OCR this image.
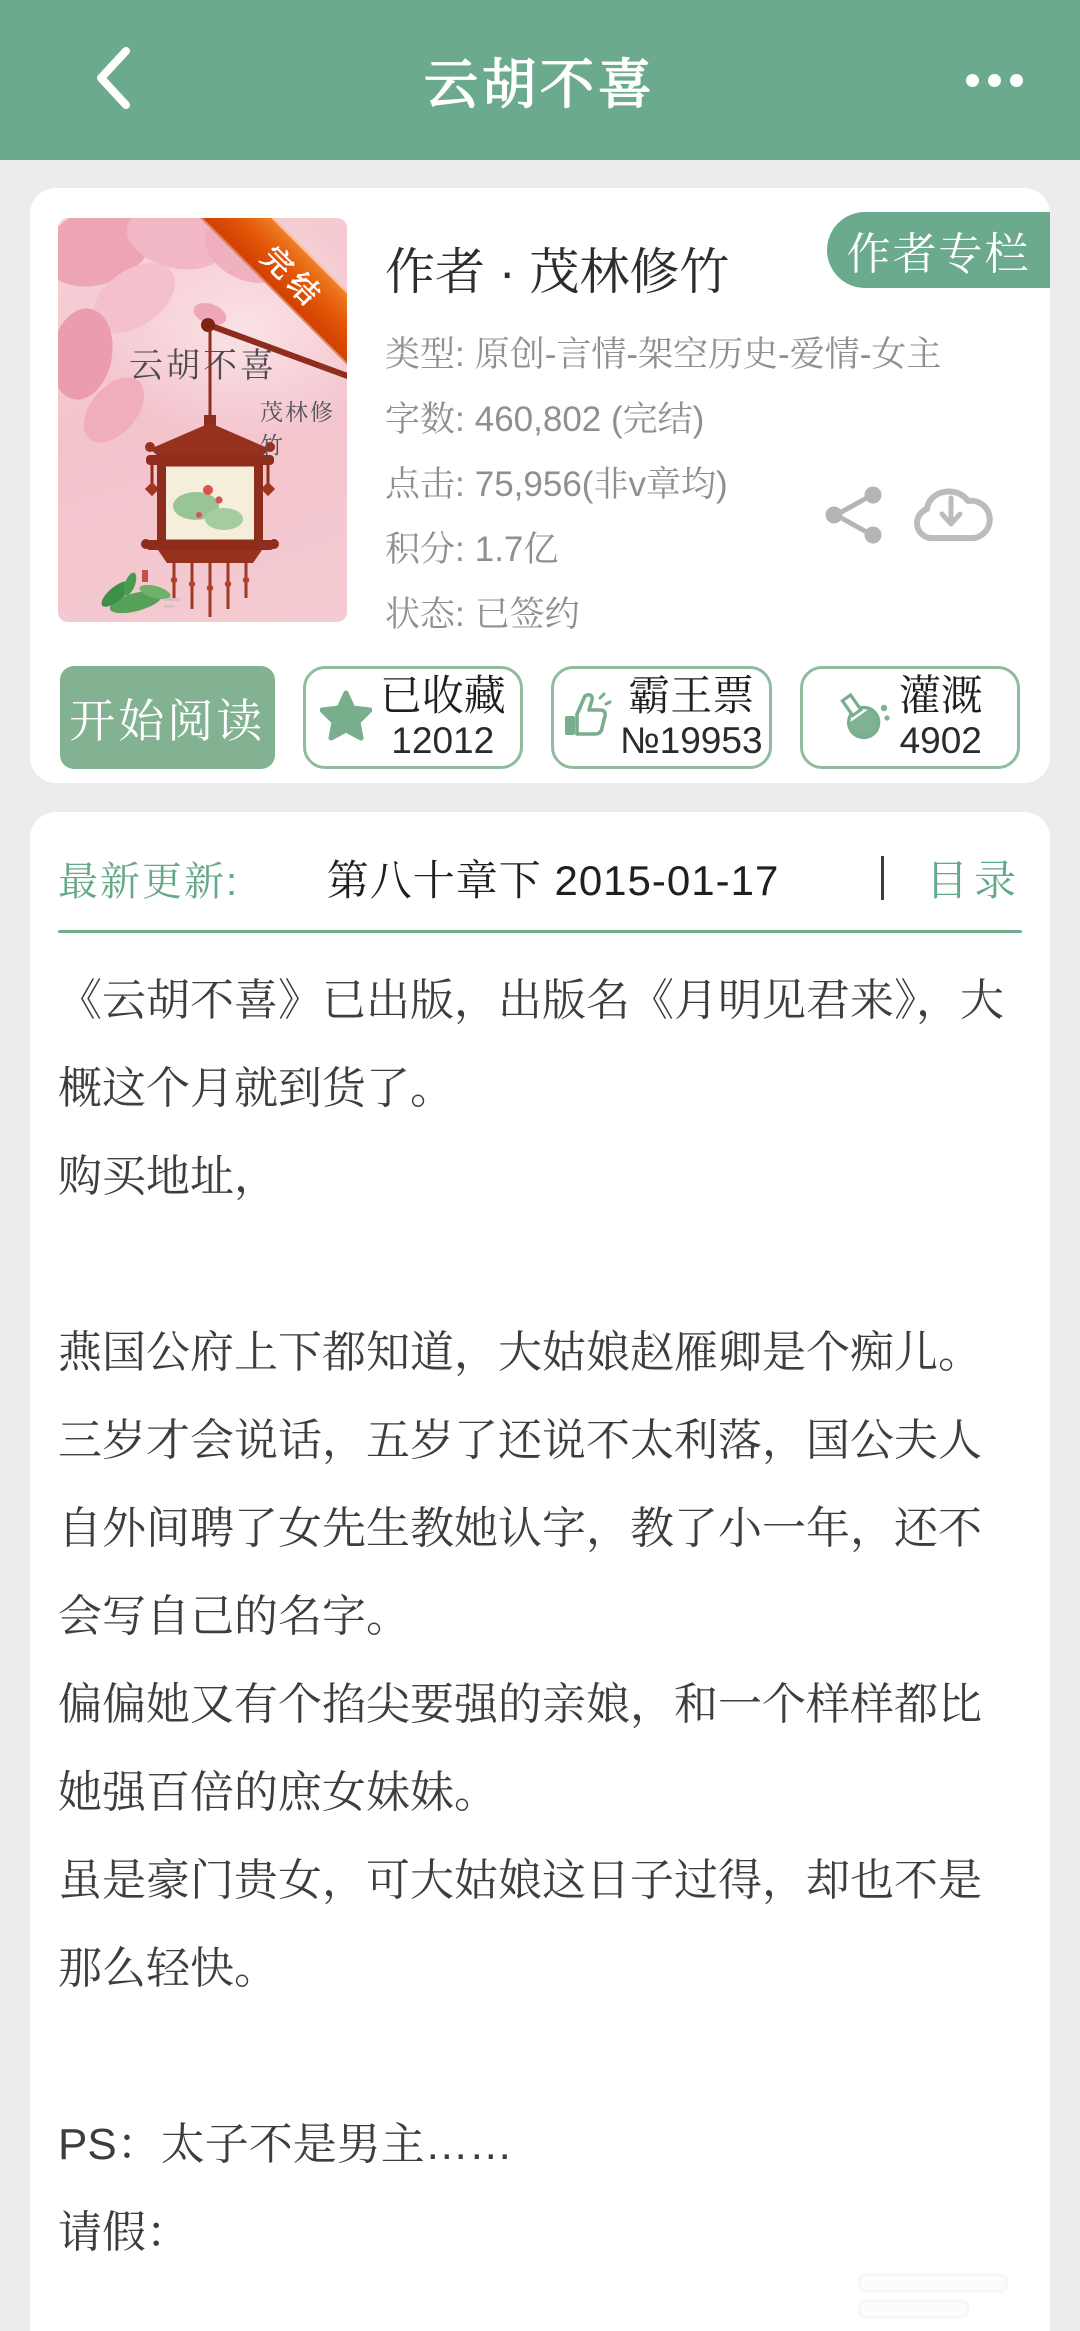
云胡不喜
完结
云胡不喜
茂林修竹
作者 · 茂林修竹	作者专栏
类型: 原创-言情-架空历史-爱情-女主
字数: 460,802 (完结)
点击: 75,956(非v章均)
积分: 1.7亿
状态: 已签约
开始阅读	已收藏
12012
霸王票
№19953
灌溉
4902
最新更新:	第八十章下 2015-01-17	目录

《云胡不喜》已出版，出版名《月明见君来》，大概这个月就到货了。

购买地址，

燕国公府上下都知道，大姑娘赵雁卿是个痴儿。

三岁才会说话，五岁了还说不太利落，国公夫人自外间聘了女先生教她认字，教了小一年，还不会写自己的名字。

偏偏她又有个掐尖要强的亲娘，和一个样样都比她强百倍的庶女妹妹。

虽是豪门贵女，可大姑娘这日子过得，却也不是那么轻快。

PS：太子不是男主……

请假：
